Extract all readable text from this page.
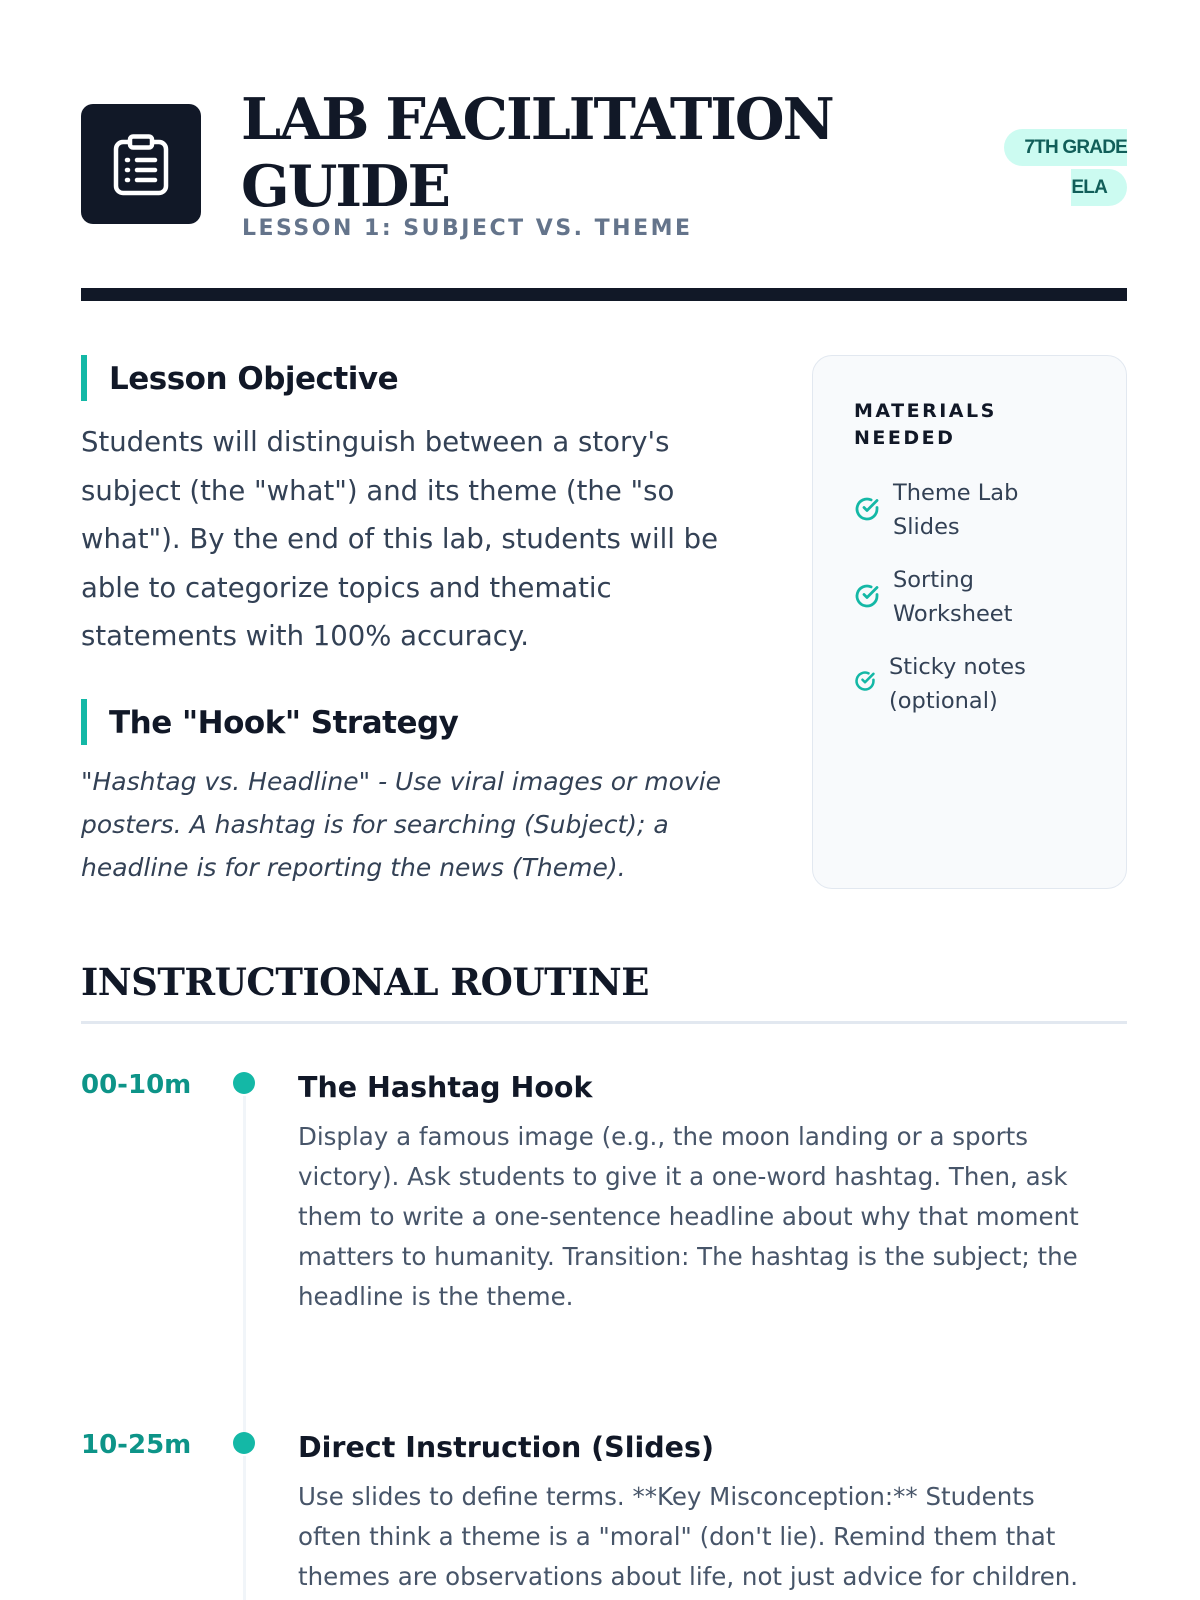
LAB FACILITATION GUIDE
LESSON 1: SUBJECT VS. THEME
7TH GRADE
ELA
Lesson Objective

Students will distinguish between a story's subject (the "what") and its theme (the "so what"). By the end of this lab, students will be able to categorize topics and thematic statements with 100% accuracy.

The "Hook" Strategy

"Hashtag vs. Headline" - Use viral images or movie posters. A hashtag is for searching (Subject); a headline is for reporting the news (Theme).

MATERIALS NEEDED
Theme Lab Slides
Sorting Worksheet
Sticky notes (optional)
INSTRUCTIONAL ROUTINE
00-10m	The Hashtag Hook

Display a famous image (e.g., the moon landing or a sports victory). Ask students to give it a one-word hashtag. Then, ask them to write a one-sentence headline about why that moment matters to humanity. Transition: The hashtag is the subject; the headline is the theme.

10-25m	Direct Instruction (Slides)

Use slides to define terms. **Key Misconception:** Students often think a theme is a "moral" (don't lie). Remind them that themes are observations about life, not just advice for children.
